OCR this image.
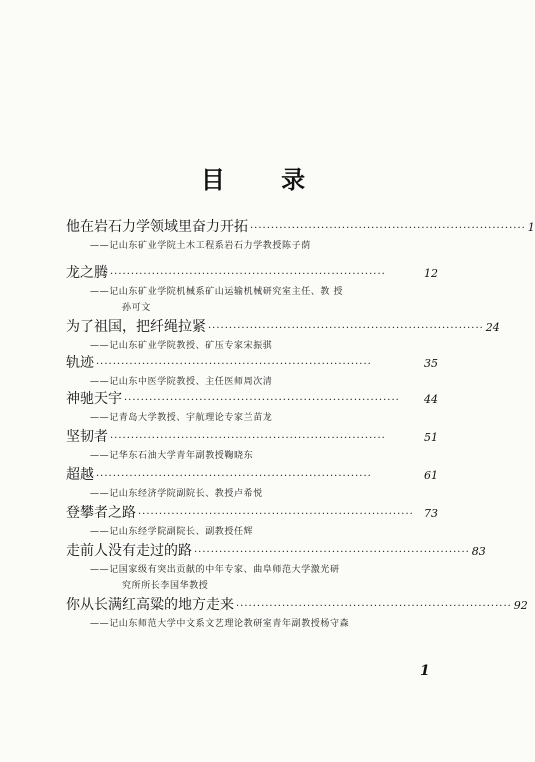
目 录
他在岩石力学领域里奋力开拓 ·································································· 1
——记山东矿业学院土木工程系岩石力学教授陈子荫
龙之腾 ··································································	12
——记山东矿业学院机械系矿山运输机械研究室主任、教 授
孙可文
为了祖国，把纤绳拉紧 ·································································· 24
——记山东矿业学院教授、矿压专家宋振骐
轨迹 ··································································	35
——记山东中医学院教授、主任医师周次清
神驰天宇 ··································································	44
——记青岛大学教授、宇航理论专家兰苗龙
坚韧者 ··································································	51
——记华东石油大学青年副教授鞠晓东
超越 ··································································	61
——记山东经济学院副院长、教授卢希悦
登攀者之路 ·································································· 73
——记山东经学院副院长、副教授任辉
走前人没有走过的路 ·································································· 83
——记国家级有突出贡献的中年专家、曲阜师范大学激光研
究所所长李国华教授
你从长满红高粱的地方走来 ·································································· 92
——记山东师范大学中文系文艺理论教研室青年副教授杨守森
1
